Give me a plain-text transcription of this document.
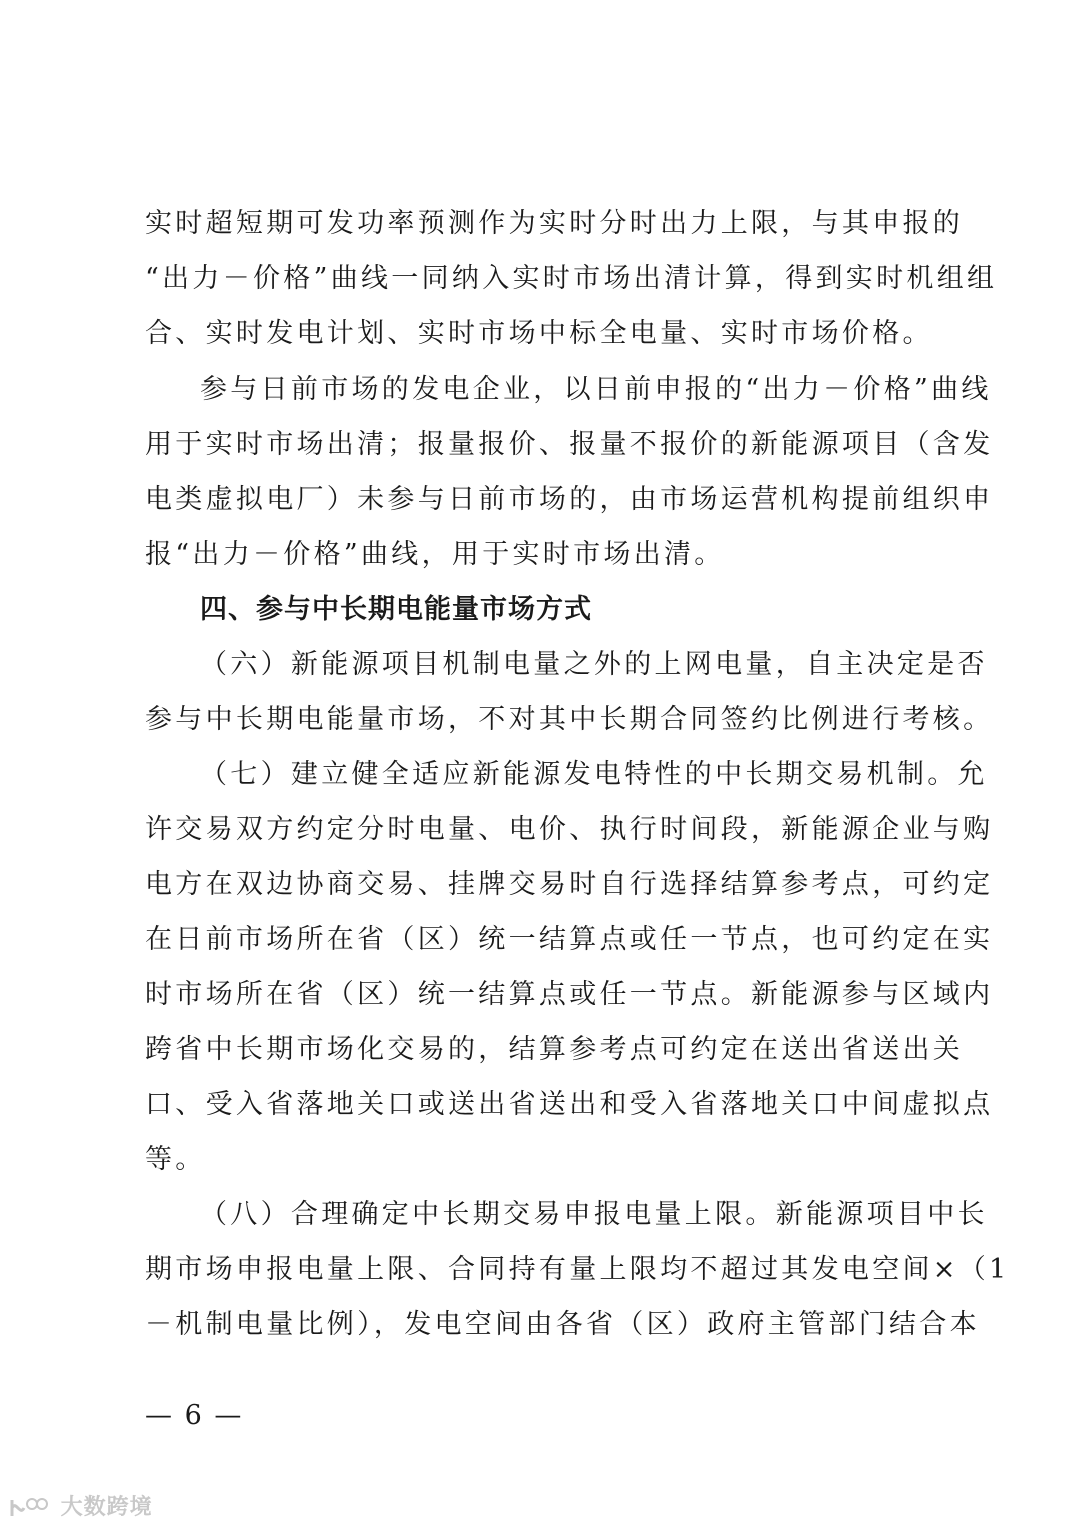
实时超短期可发功率预测作为实时分时出力上限，与其申报的
“出力－价格”曲线一同纳入实时市场出清计算，得到实时机组组
合、实时发电计划、实时市场中标全电量、实时市场价格。
参与日前市场的发电企业，以日前申报的“出力－价格”曲线
用于实时市场出清；报量报价、报量不报价的新能源项目（含发
电类虚拟电厂）未参与日前市场的，由市场运营机构提前组织申
报“出力－价格”曲线，用于实时市场出清。
四、参与中长期电能量市场方式
（六）新能源项目机制电量之外的上网电量，自主决定是否
参与中长期电能量市场，不对其中长期合同签约比例进行考核。
（七）建立健全适应新能源发电特性的中长期交易机制。允
许交易双方约定分时电量、电价、执行时间段，新能源企业与购
电方在双边协商交易、挂牌交易时自行选择结算参考点，可约定
在日前市场所在省（区）统一结算点或任一节点，也可约定在实
时市场所在省（区）统一结算点或任一节点。新能源参与区域内
跨省中长期市场化交易的，结算参考点可约定在送出省送出关
口、受入省落地关口或送出省送出和受入省落地关口中间虚拟点
等。
（八）合理确定中长期交易申报电量上限。新能源项目中长
期市场申报电量上限、合同持有量上限均不超过其发电空间×（1
－机制电量比例），发电空间由各省（区）政府主管部门结合本
— 6 —
大数跨境
